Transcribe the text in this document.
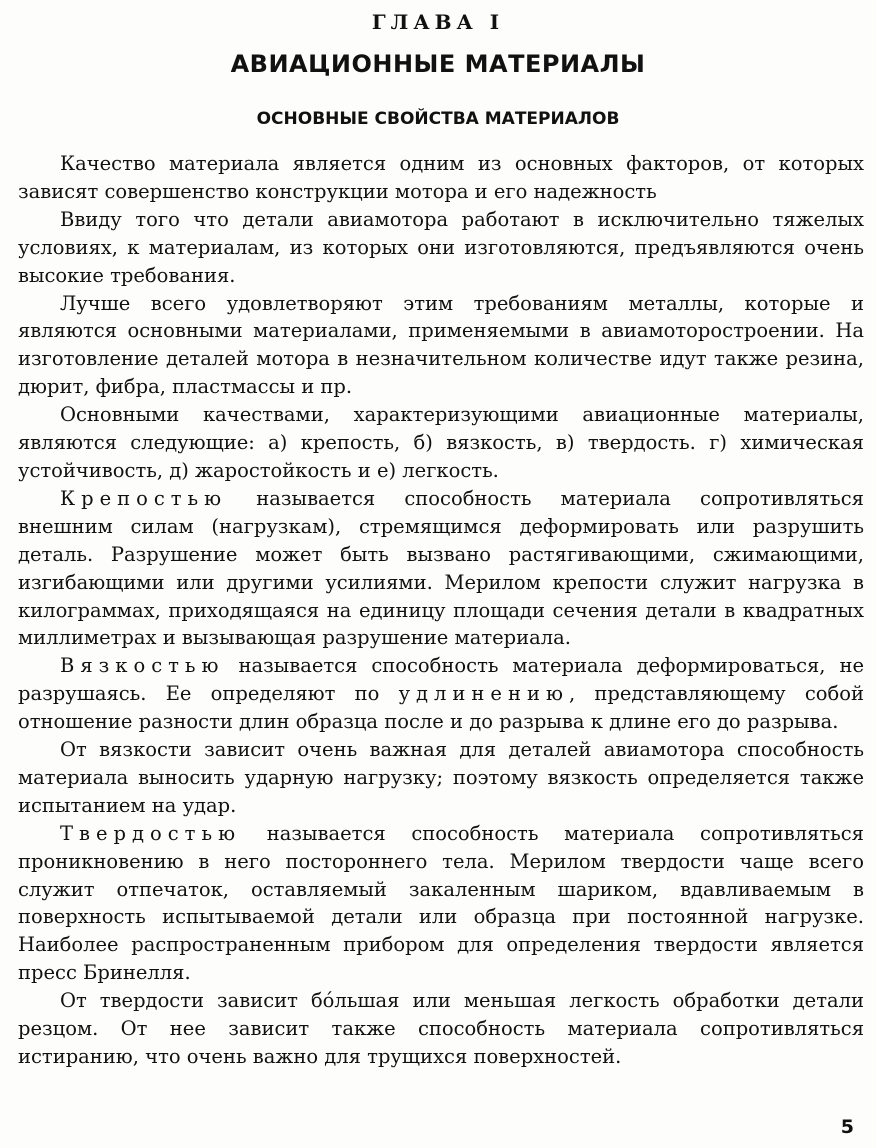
ГЛАВА I
АВИАЦИОННЫЕ МАТЕРИАЛЫ
ОСНОВНЫЕ СВОЙСТВА МАТЕРИАЛОВ

Качество материала является одним из основных факторов, от которых зависят совершенство конструкции мотора и его надежность

Ввиду того что детали авиамотора работают в исключительно тяжелых условиях, к материалам, из которых они изготовляются, предъявляются очень высокие требования.

Лучше всего удовлетворяют этим требованиям металлы, которые и являются основными материалами, применяемыми в авиамоторостроении. На изготовление деталей мотора в незначительном количестве идут также резина, дюрит, фибра, пластмассы и пр.

Основными качествами, характеризующими авиационные материалы, являются следующие: а) крепость, б) вязкость, в) твердость. г) химическая устойчивость, д) жаростойкость и е) легкость.

Крепостью называется способность материала сопротивляться внешним силам (нагрузкам), стремящимся деформировать или разрушить деталь. Разрушение может быть вызвано растягивающими, сжимающими, изгибающими или другими усилиями. Мерилом крепости служит нагрузка в килограммах, приходящаяся на единицу площади сечения детали в квадратных миллиметрах и вызывающая разрушение материала.

Вязкостью называется способность материала деформироваться, не разрушаясь. Ее определяют по удлинению, представляющему собой отношение разности длин образца после и до разрыва к длине его до разрыва.

От вязкости зависит очень важная для деталей авиамотора способность материала выносить ударную нагрузку; поэтому вязкость определяется также испытанием на удар.

Твердостью называется способность материала сопротивляться проникновению в него постороннего тела. Мерилом твердости чаще всего служит отпечаток, оставляемый закаленным шариком, вдавливаемым в поверхность испытываемой детали или образца при постоянной нагрузке. Наиболее распространенным прибором для определения твердости является пресс Бринелля.

От твердости зависит бóльшая или меньшая легкость обработки детали резцом. От нее зависит также способность материала сопротивляться истиранию, что очень важно для трущихся поверхностей.

5
